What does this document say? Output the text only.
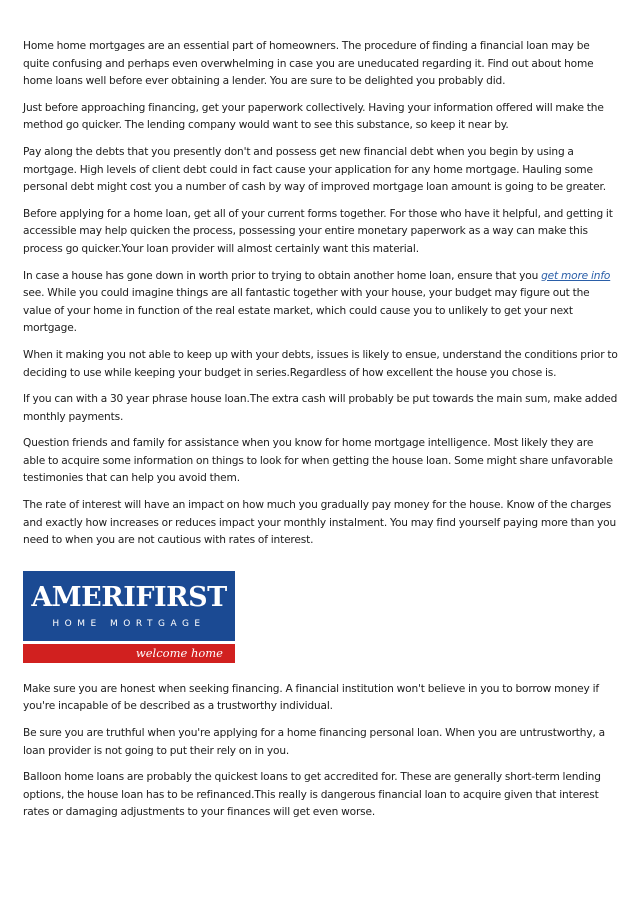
Home home mortgages are an essential part of homeowners. The procedure of finding a financial loan may be quite confusing and perhaps even overwhelming in case you are uneducated regarding it. Find out about home home loans well before ever obtaining a lender. You are sure to be delighted you probably did.

Just before approaching financing, get your paperwork collectively. Having your information offered will make the method go quicker. The lending company would want to see this substance, so keep it near by.

Pay along the debts that you presently don't and possess get new financial debt when you begin by using a mortgage. High levels of client debt could in fact cause your application for any home mortgage. Hauling some personal debt might cost you a number of cash by way of improved mortgage loan amount is going to be greater.

Before applying for a home loan, get all of your current forms together. For those who have it helpful, and getting it accessible may help quicken the process, possessing your entire monetary paperwork as a way can make this process go quicker.Your loan provider will almost certainly want this material.

In case a house has gone down in worth prior to trying to obtain another home loan, ensure that you get more info see. While you could imagine things are all fantastic together with your house, your budget may figure out the value of your home in function of the real estate market, which could cause you to unlikely to get your next mortgage.

When it making you not able to keep up with your debts, issues is likely to ensue, understand the conditions prior to deciding to use while keeping your budget in series.Regardless of how excellent the house you chose is.

If you can with a 30 year phrase house loan.The extra cash will probably be put towards the main sum, make added monthly payments.

Question friends and family for assistance when you know for home mortgage intelligence. Most likely they are able to acquire some information on things to look for when getting the house loan. Some might share unfavorable testimonies that can help you avoid them.

The rate of interest will have an impact on how much you gradually pay money for the house. Know of the charges and exactly how increases or reduces impact your monthly instalment. You may find yourself paying more than you need to when you are not cautious with rates of interest.

AMERIFIRST
HOME MORTGAGE
welcome home

Make sure you are honest when seeking financing. A financial institution won't believe in you to borrow money if you're incapable of be described as a trustworthy individual.

Be sure you are truthful when you're applying for a home financing personal loan. When you are untrustworthy, a loan provider is not going to put their rely on in you.

Balloon home loans are probably the quickest loans to get accredited for. These are generally short-term lending options, the house loan has to be refinanced.This really is dangerous financial loan to acquire given that interest rates or damaging adjustments to your finances will get even worse.
